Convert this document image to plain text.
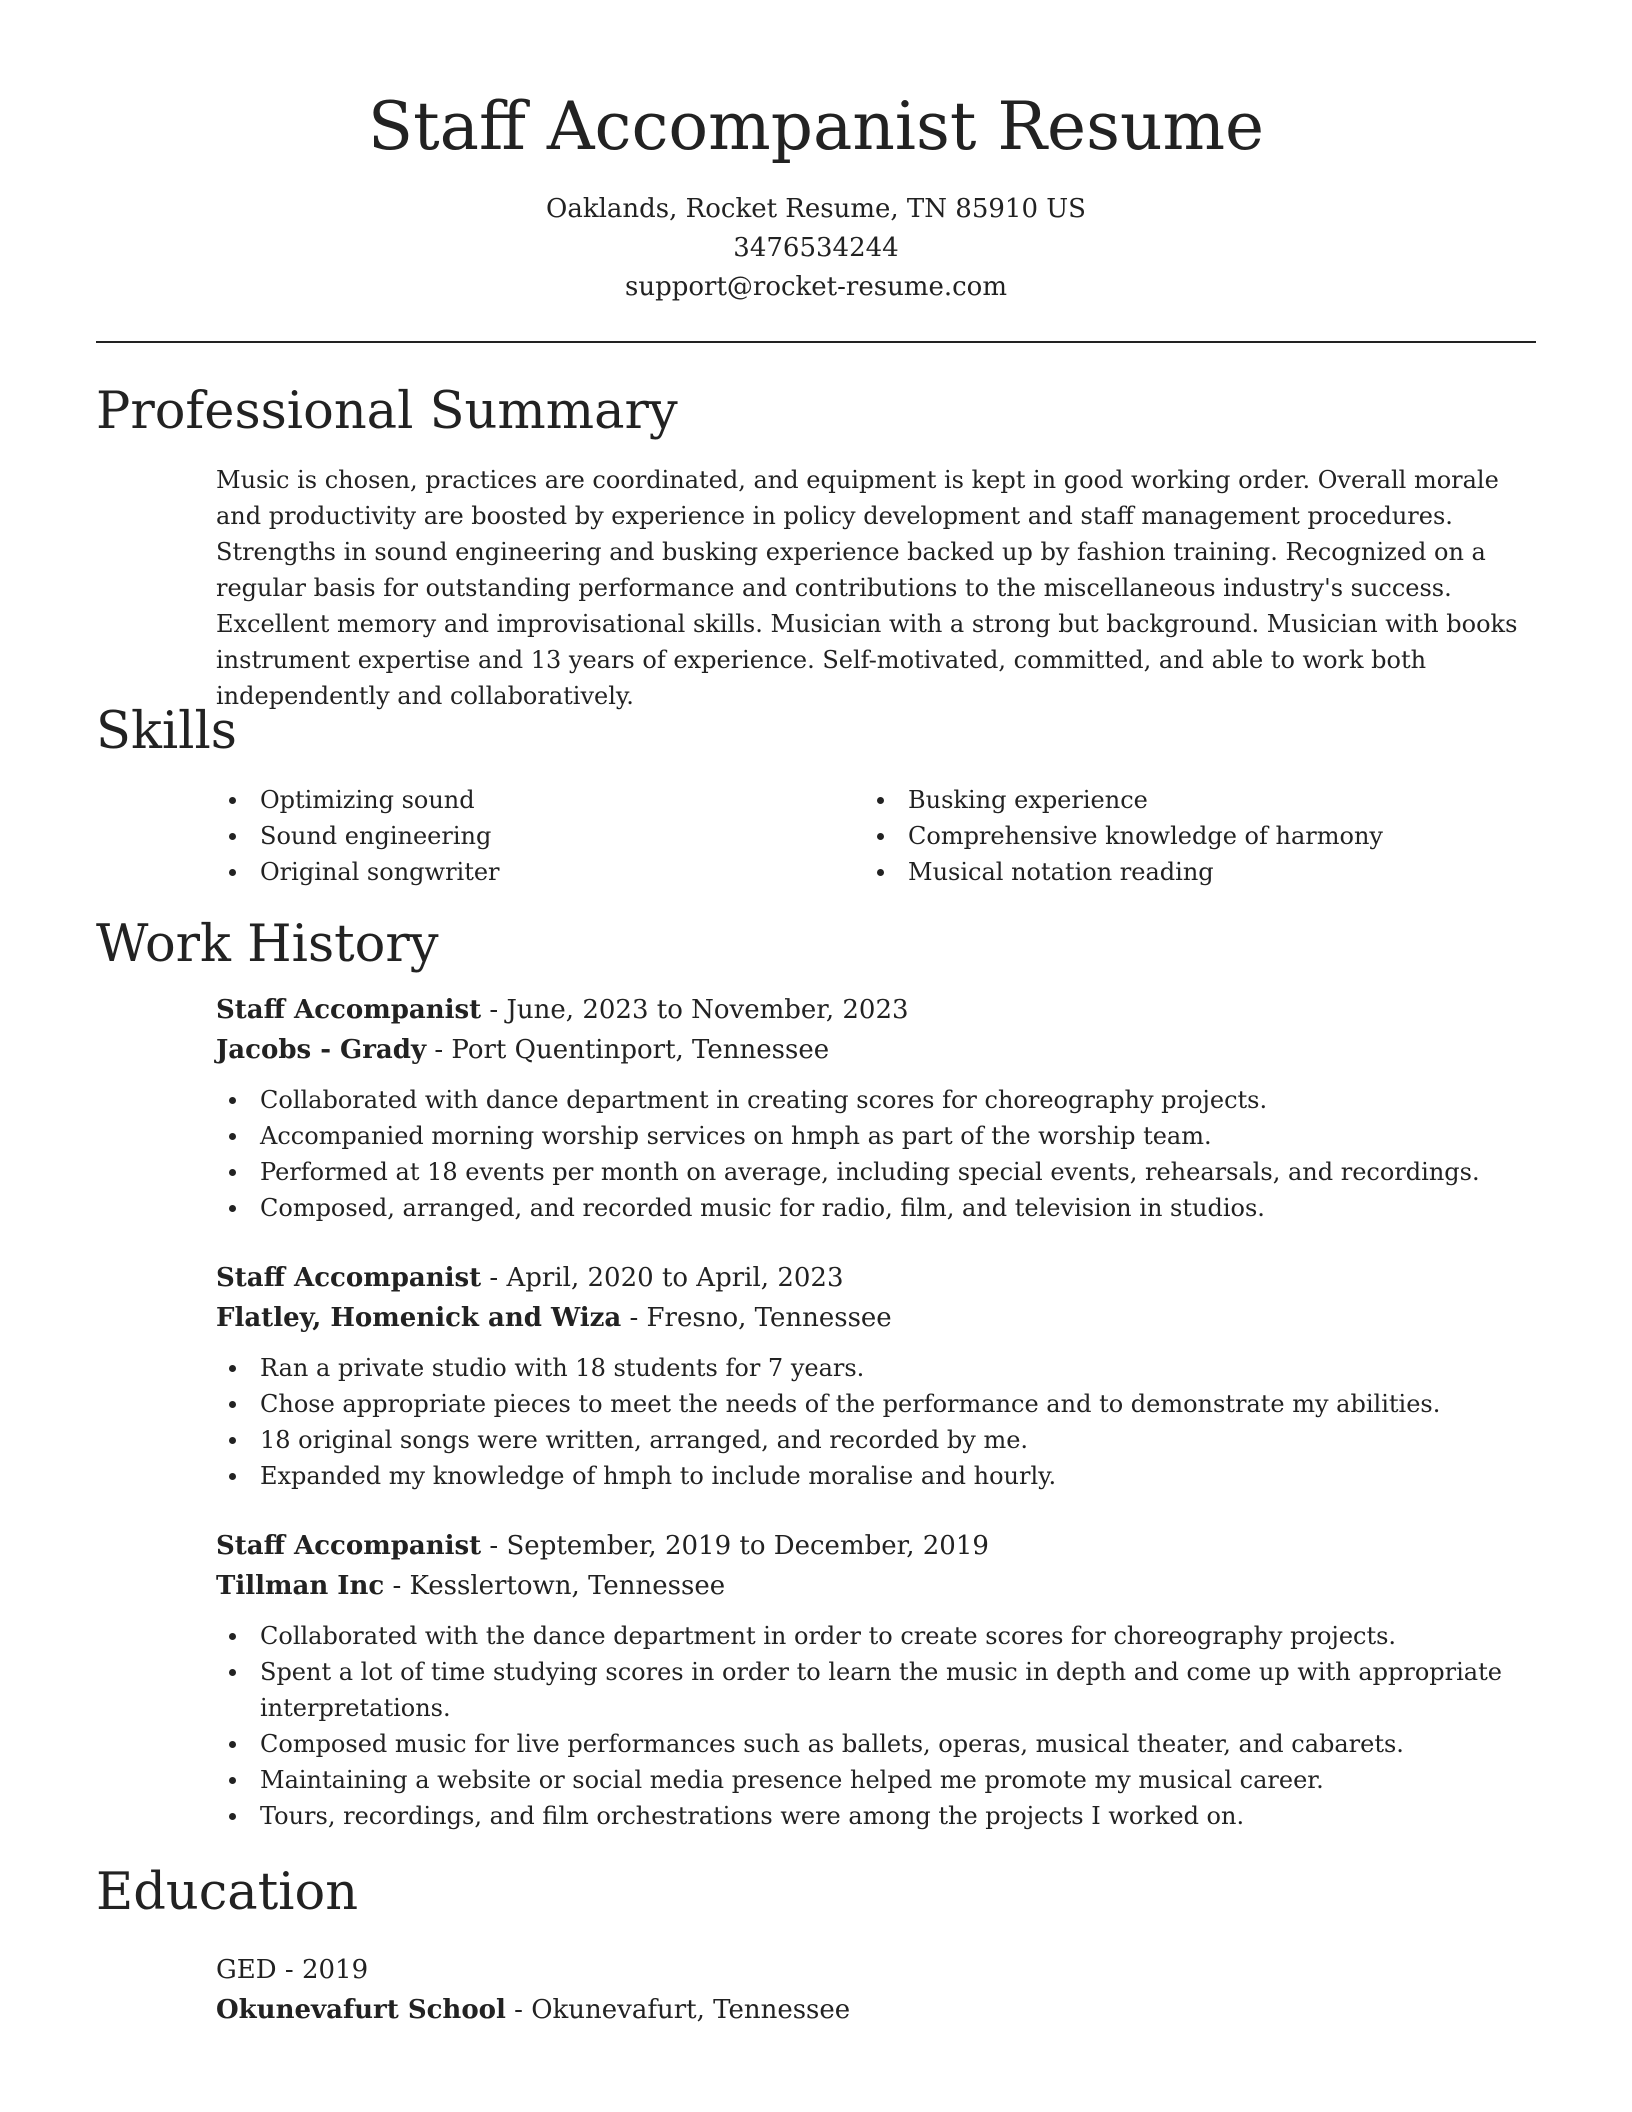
Staff Accompanist Resume
Oaklands, Rocket Resume, TN 85910 US
3476534244
support@rocket-resume.com
Professional Summary

Music is chosen, practices are coordinated, and equipment is kept in good working order. Overall morale and productivity are boosted by experience in policy development and staff management procedures. Strengths in sound engineering and busking experience backed up by fashion training. Recognized on a regular basis for outstanding performance and contributions to the miscellaneous industry's success. Excellent memory and improvisational skills. Musician with a strong but background. Musician with books instrument expertise and 13 years of experience. Self-motivated, committed, and able to work both independently and collaboratively.

Skills
Optimizing sound
Sound engineering
Original songwriter
Busking experience
Comprehensive knowledge of harmony
Musical notation reading
Work History
Staff Accompanist - June, 2023 to November, 2023
Jacobs - Grady - Port Quentinport, Tennessee
Collaborated with dance department in creating scores for choreography projects.
Accompanied morning worship services on hmph as part of the worship team.
Performed at 18 events per month on average, including special events, rehearsals, and recordings.
Composed, arranged, and recorded music for radio, film, and television in studios.
Staff Accompanist - April, 2020 to April, 2023
Flatley, Homenick and Wiza - Fresno, Tennessee
Ran a private studio with 18 students for 7 years.
Chose appropriate pieces to meet the needs of the performance and to demonstrate my abilities.
18 original songs were written, arranged, and recorded by me.
Expanded my knowledge of hmph to include moralise and hourly.
Staff Accompanist - September, 2019 to December, 2019
Tillman Inc - Kesslertown, Tennessee
Collaborated with the dance department in order to create scores for choreography projects.
Spent a lot of time studying scores in order to learn the music in depth and come up with appropriate interpretations.
Composed music for live performances such as ballets, operas, musical theater, and cabarets.
Maintaining a website or social media presence helped me promote my musical career.
Tours, recordings, and film orchestrations were among the projects I worked on.
Education
GED - 2019
Okunevafurt School - Okunevafurt, Tennessee
